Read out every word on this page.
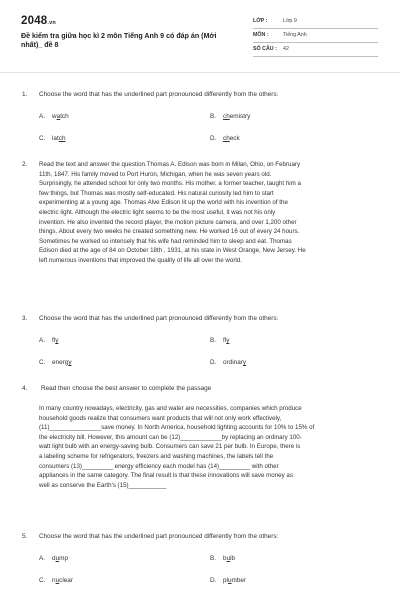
2048.vn
Đề kiểm tra giữa học kì 2 môn Tiếng Anh 9 có đáp án (Mới
nhất)_ đề 8
LỚP :	Lớp 9
MÔN :	Tiếng Anh
SỐ CÂU : 42
1. Choose the word that has the underlined part pronounced differently from the others:
A. watch	B. chemistry
C. latch	D. check
2. Read the text and answer the question.Thomas A. Edison was born in Milan, Ohio, on February
11th, 1847. His family moved to Port Huron, Michigan, when he was seven years old.
Surprisingly, he attended school for only two months. His mother, a former teacher, taught him a
few things, but Thomas was mostly self-educated. His natural curiosity led him to start
experimenting at a young age. Thomas Alve Edison lit up the world with his invention of the
electric light. Although the electric light seems to be the most useful, it was not his only
invention. He also invented the record player, the motion picture camera, and over 1,200 other
things. About every two weeks he created something new. He worked 16 out of every 24 hours.
Sometimes he worked so intensely that his wife had reminded him to sleep and eat. Thomas
Edison died at the age of 84 on October 18th , 1931, at his state in West Orange, New Jersey. He
left numerous inventions that improved the quality of life all over the world.
3. Choose the word that has the underlined part pronounced differently from the others:
A. fly	B. fly
C. energy	D. ordinary
4. Read then choose the best answer to complete the passage
In many country nowadays, electricity, gas and water are necessities, companies which produce
household goods realize that consumers want products that will not only work effectively,
(11)_______________save money. In North America, household lighting accounts for 10% to 15% of
the electricity bill. However, this amount can be (12)____________by replacing an ordinary 100-
watt light bulb with an energy-saving bulb. Consumers can save 21 per bulb. In Europe, there is
a labeling scheme for refrigerators, freezers and washing machines, the labels tell the
consumers (13)_________ energy efficiency each model has (14)_________ with other
appliances in the same category. The final result is that these innovations will save money as
well as conserve the Earth's (15)___________
5. Choose the word that has the underlined part pronounced differently from the others:
A. dump	B. bulb
C. nuclear	D. plumber
